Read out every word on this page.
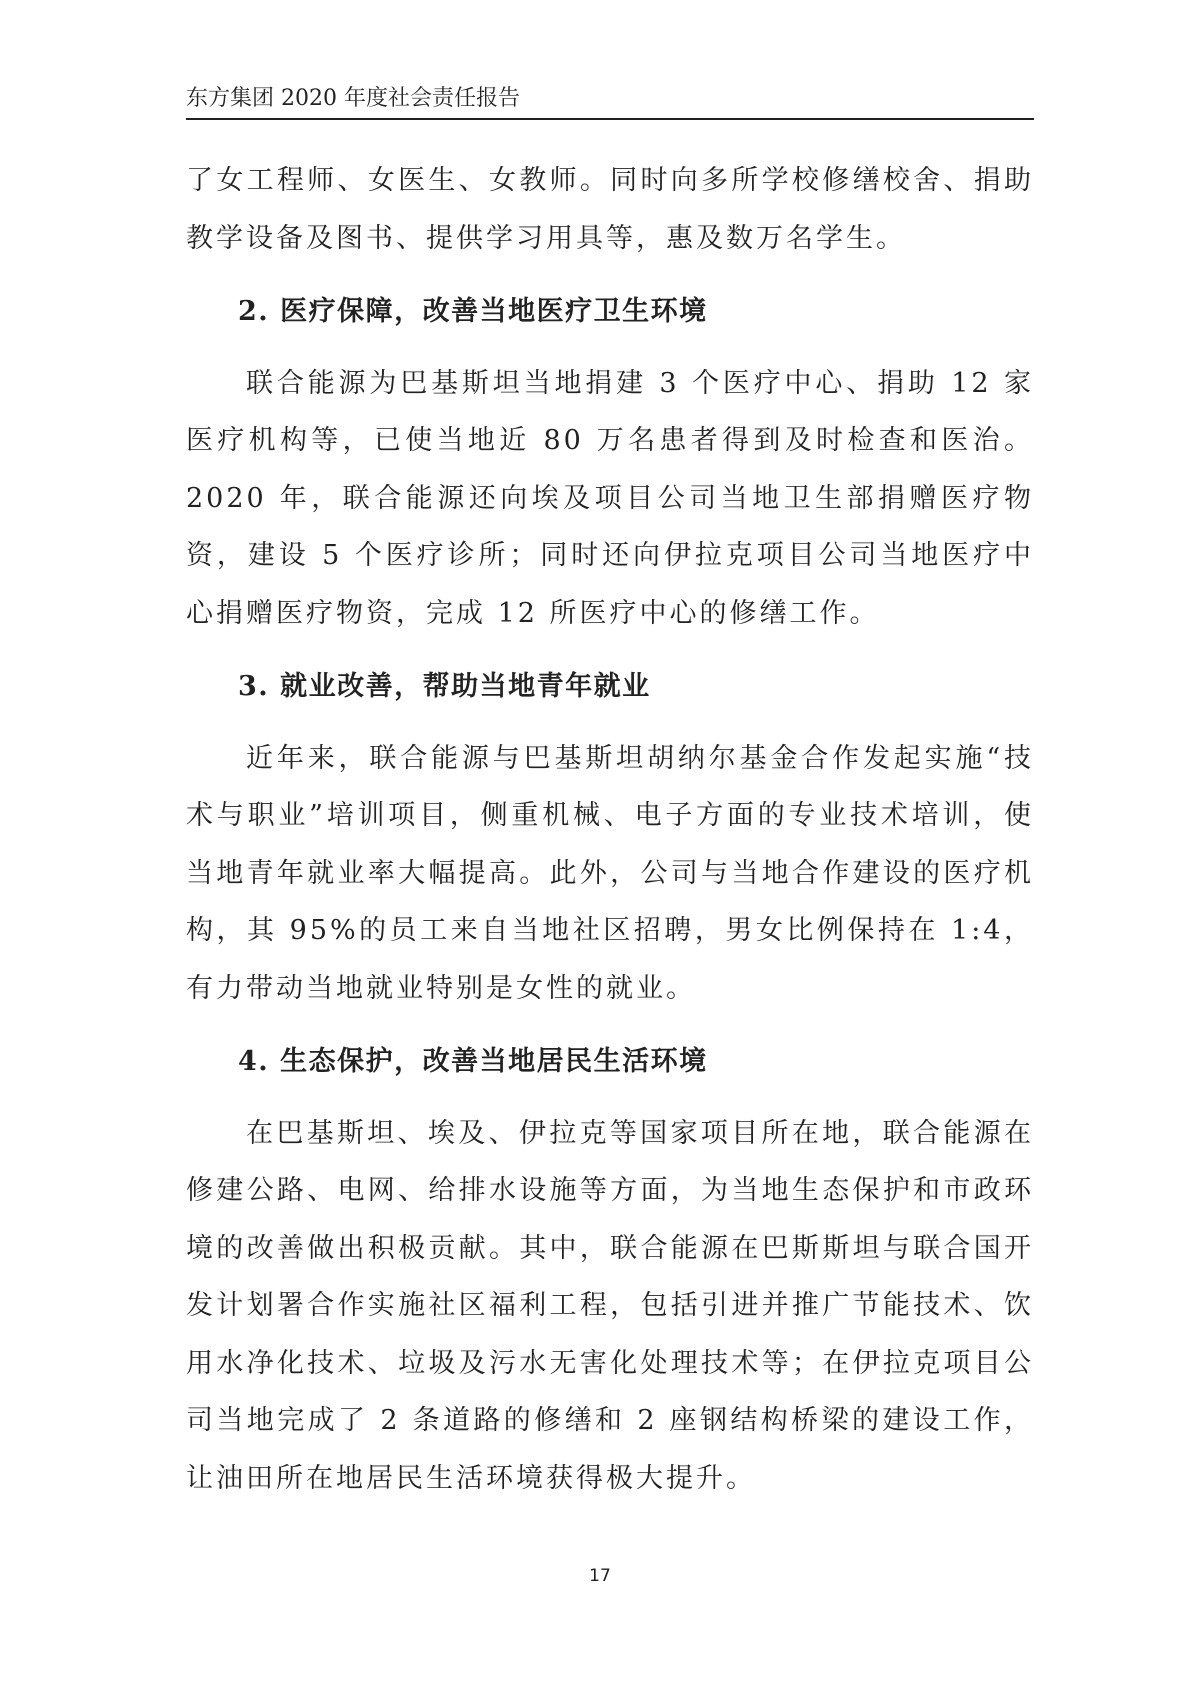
东方集团 2020 年度社会责任报告

了女工程师、女医生、女教师。同时向多所学校修缮校舍、捐助教学设备及图书、提供学习用具等，惠及数万名学生。

2. 医疗保障，改善当地医疗卫生环境

联合能源为巴基斯坦当地捐建 3 个医疗中心、捐助 12 家医疗机构等，已使当地近 80 万名患者得到及时检查和医治。2020 年，联合能源还向埃及项目公司当地卫生部捐赠医疗物资，建设 5 个医疗诊所；同时还向伊拉克项目公司当地医疗中心捐赠医疗物资，完成 12 所医疗中心的修缮工作。

3. 就业改善，帮助当地青年就业

近年来，联合能源与巴基斯坦胡纳尔基金合作发起实施“技术与职业”培训项目，侧重机械、电子方面的专业技术培训，使当地青年就业率大幅提高。此外，公司与当地合作建设的医疗机构，其 95%的员工来自当地社区招聘，男女比例保持在 1:4，有力带动当地就业特别是女性的就业。

4. 生态保护，改善当地居民生活环境

在巴基斯坦、埃及、伊拉克等国家项目所在地，联合能源在修建公路、电网、给排水设施等方面，为当地生态保护和市政环境的改善做出积极贡献。其中，联合能源在巴斯斯坦与联合国开发计划署合作实施社区福利工程，包括引进并推广节能技术、饮用水净化技术、垃圾及污水无害化处理技术等；在伊拉克项目公司当地完成了 2 条道路的修缮和 2 座钢结构桥梁的建设工作，让油田所在地居民生活环境获得极大提升。

17
